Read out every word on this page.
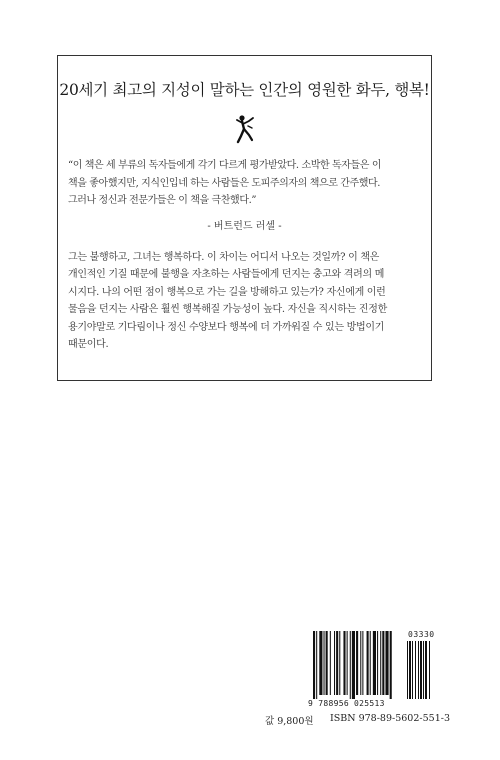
20세기 최고의 지성이 말하는 인간의 영원한 화두, 행복!
“이 책은 세 부류의 독자들에게 각기 다르게 평가받았다. 소박한 독자들은 이
책을 좋아했지만, 지식인입네 하는 사람들은 도피주의자의 책으로 간주했다.
그러나 정신과 전문가들은 이 책을 극찬했다.”
- 버트런드 러셀 -
그는 불행하고, 그녀는 행복하다. 이 차이는 어디서 나오는 것일까? 이 책은
개인적인 기질 때문에 불행을 자초하는 사람들에게 던지는 충고와 격려의 메
시지다. 나의 어떤 점이 행복으로 가는 길을 방해하고 있는가? 자신에게 이런
물음을 던지는 사람은 훨씬 행복해질 가능성이 높다. 자신을 직시하는 진정한
용기야말로 기다림이나 정신 수양보다 행복에 더 가까워질 수 있는 방법이기
때문이다.
03330
9 788956 025513
값 9,800원 ISBN 978-89-5602-551-3
